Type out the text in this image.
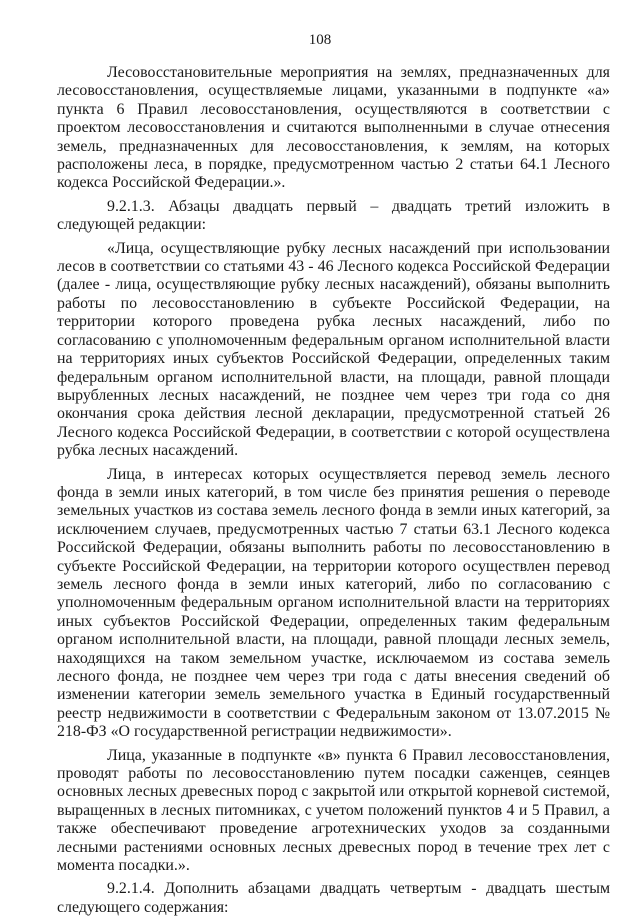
108

Лесовосстановительные мероприятия на землях, предназначенных для лесовосстановления, осуществляемые лицами, указанными в подпункте «а» пункта 6 Правил лесовосстановления, осуществляются в соответствии с проектом лесовосстановления и считаются выполненными в случае отнесения земель, предназначенных для лесовосстановления, к землям, на которых расположены леса, в порядке, предусмотренном частью 2 статьи 64.1 Лесного кодекса Российской Федерации.».

9.2.1.3. Абзацы двадцать первый – двадцать третий изложить в следующей редакции:

«Лица, осуществляющие рубку лесных насаждений при использовании лесов в соответствии со статьями 43 - 46 Лесного кодекса Российской Федерации (далее - лица, осуществляющие рубку лесных насаждений), обязаны выполнить работы по лесовосстановлению в субъекте Российской Федерации, на территории которого проведена рубка лесных насаждений, либо по согласованию с уполномоченным федеральным органом исполнительной власти на территориях иных субъектов Российской Федерации, определенных таким федеральным органом исполнительной власти, на площади, равной площади вырубленных лесных насаждений, не позднее чем через три года со дня окончания срока действия лесной декларации, предусмотренной статьей 26 Лесного кодекса Российской Федерации, в соответствии с которой осуществлена рубка лесных насаждений.

Лица, в интересах которых осуществляется перевод земель лесного фонда в земли иных категорий, в том числе без принятия решения о переводе земельных участков из состава земель лесного фонда в земли иных категорий, за исключением случаев, предусмотренных частью 7 статьи 63.1 Лесного кодекса Российской Федерации, обязаны выполнить работы по лесовосстановлению в субъекте Российской Федерации, на территории которого осуществлен перевод земель лесного фонда в земли иных категорий, либо по согласованию с уполномоченным федеральным органом исполнительной власти на территориях иных субъектов Российской Федерации, определенных таким федеральным органом исполнительной власти, на площади, равной площади лесных земель, находящихся на таком земельном участке, исключаемом из состава земель лесного фонда, не позднее чем через три года с даты внесения сведений об изменении категории земель земельного участка в Единый государственный реестр недвижимости в соответствии с Федеральным законом от 13.07.2015 № 218-ФЗ «О государственной регистрации недвижимости».

Лица, указанные в подпункте «в» пункта 6 Правил лесовосстановления, проводят работы по лесовосстановлению путем посадки саженцев, сеянцев основных лесных древесных пород с закрытой или открытой корневой системой, выращенных в лесных питомниках, с учетом положений пунктов 4 и 5 Правил, а также обеспечивают проведение агротехнических уходов за созданными лесными растениями основных лесных древесных пород в течение трех лет с момента посадки.».

9.2.1.4. Дополнить абзацами двадцать четвертым - двадцать шестым следующего содержания:
